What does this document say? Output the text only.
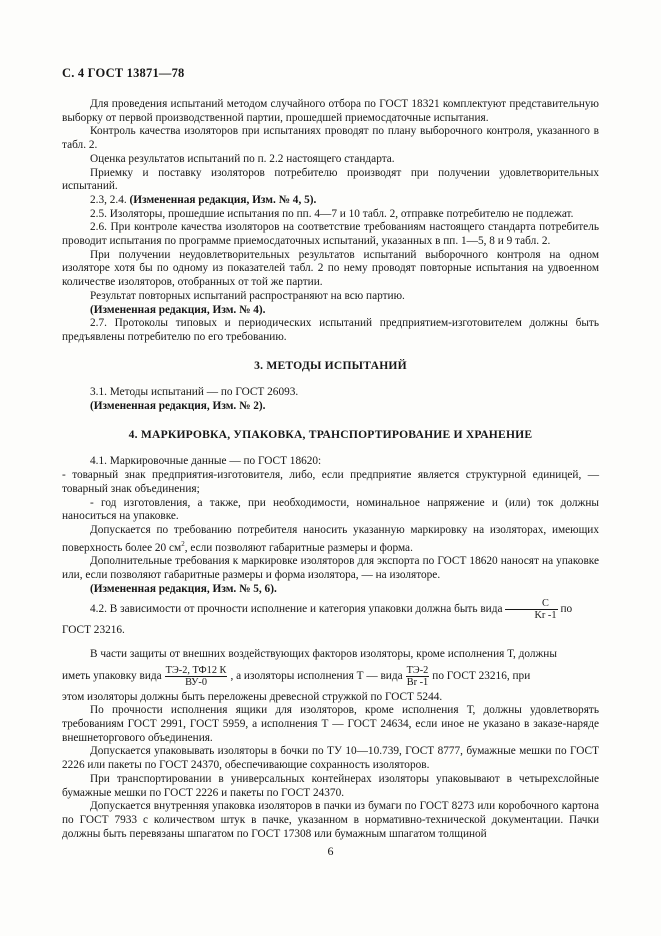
С. 4 ГОСТ 13871—78

Для проведения испытаний методом случайного отбора по ГОСТ 18321 комплектуют представительную выборку от первой производственной партии, прошедшей приемосдаточные испытания.

Контроль качества изоляторов при испытаниях проводят по плану выборочного контроля, указанного в табл. 2.

Оценка результатов испытаний по п. 2.2 настоящего стандарта.

Приемку и поставку изоляторов потребителю производят при получении удовлетворительных испытаний.

2.3, 2.4. (Измененная редакция, Изм. № 4, 5).

2.5. Изоляторы, прошедшие испытания по пп. 4—7 и 10 табл. 2, отправке потребителю не подлежат.

2.6. При контроле качества изоляторов на соответствие требованиям настоящего стандарта потребитель проводит испытания по программе приемосдаточных испытаний, указанных в пп. 1—5, 8 и 9 табл. 2.

При получении неудовлетворительных результатов испытаний выборочного контроля на одном изоляторе хотя бы по одному из показателей табл. 2 по нему проводят повторные испытания на удвоенном количестве изоляторов, отобранных от той же партии.

Результат повторных испытаний распространяют на всю партию.

(Измененная редакция, Изм. № 4).

2.7. Протоколы типовых и периодических испытаний предприятием-изготовителем должны быть предъявлены потребителю по его требованию.

3. МЕТОДЫ ИСПЫТАНИЙ

3.1. Методы испытаний — по ГОСТ 26093.

(Измененная редакция, Изм. № 2).

4. МАРКИРОВКА, УПАКОВКА, ТРАНСПОРТИРОВАНИЕ И ХРАНЕНИЕ

4.1. Маркировочные данные — по ГОСТ 18620:

- товарный знак предприятия-изготовителя, либо, если предприятие является структурной единицей, — товарный знак объединения;

- год изготовления, а также, при необходимости, номинальное напряжение и (или) ток должны наноситься на упаковке.

Допускается по требованию потребителя наносить указанную маркировку на изоляторах, имеющих поверхность более 20 $см^2$, если позволяют габаритные размеры и форма.

Дополнительные требования к маркировке изоляторов для экспорта по ГОСТ 18620 наносят на упаковке или, если позволяют габаритные размеры и форма изолятора, — на изоляторе.

(Измененная редакция, Изм. № 5, 6).

4.2. В зависимости от прочности исполнение и категория упаковки должна быть вида $\frac{С}{Kr -1}$ по

ГОСТ 23216.

В части защиты от внешних воздействующих факторов изоляторы, кроме исполнения Т, должны

иметь упаковку вида $\frac{ТЭ-2, ТФ12 К}{ВУ-0}$ , а изоляторы исполнения Т — вида $\frac{ТЭ-2}{Br -1}$ по ГОСТ 23216, при

этом изоляторы должны быть переложены древесной стружкой по ГОСТ 5244.

По прочности исполнения ящики для изоляторов, кроме исполнения Т, должны удовлетворять требованиям ГОСТ 2991, ГОСТ 5959, а исполнения Т — ГОСТ 24634, если иное не указано в заказе-наряде внешнеторгового объединения.

Допускается упаковывать изоляторы в бочки по ТУ 10—10.739, ГОСТ 8777, бумажные мешки по ГОСТ 2226 или пакеты по ГОСТ 24370, обеспечивающие сохранность изоляторов.

При транспортировании в универсальных контейнерах изоляторы упаковывают в четырехслойные бумажные мешки по ГОСТ 2226 и пакеты по ГОСТ 24370.

Допускается внутренняя упаковка изоляторов в пачки из бумаги по ГОСТ 8273 или коробочного картона по ГОСТ 7933 с количеством штук в пачке, указанном в нормативно-технической документации. Пачки должны быть перевязаны шпагатом по ГОСТ 17308 или бумажным шпагатом толщиной

6
